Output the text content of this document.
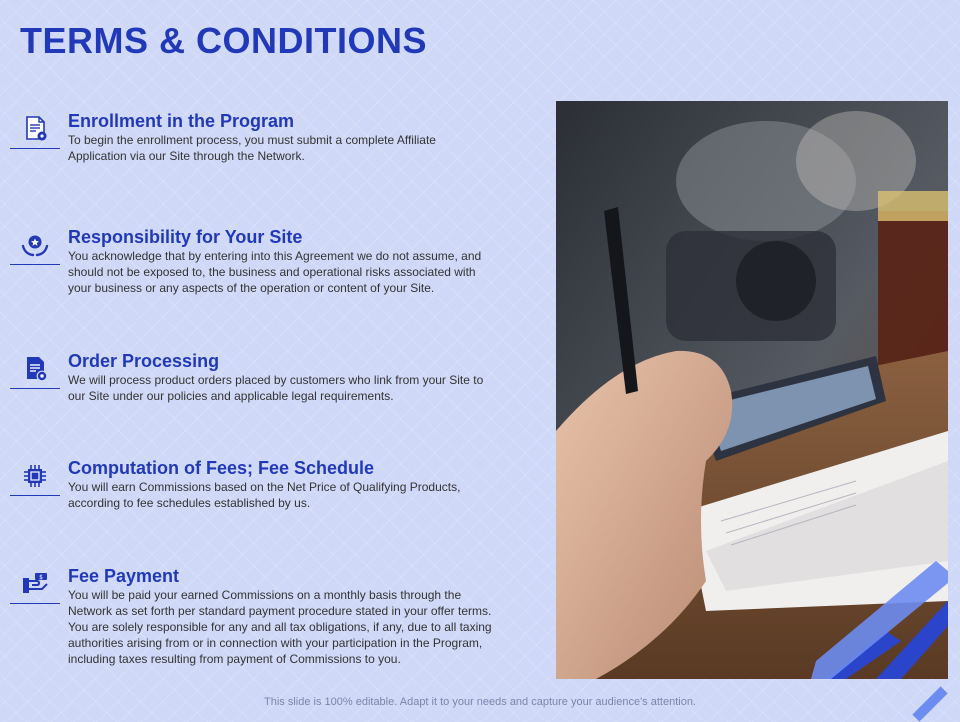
TERMS & CONDITIONS
Enrollment in the Program

To begin the enrollment process, you must submit a complete Affiliate
Application via our Site through the Network.

Responsibility for Your Site

You acknowledge that by entering into this Agreement we do not assume, and
should not be exposed to, the business and operational risks associated with
your business or any aspects of the operation or content of your Site.

Order Processing

We will process product orders placed by customers who link from your Site to
our Site under our policies and applicable legal requirements.

Computation of Fees; Fee Schedule

You will earn Commissions based on the Net Price of Qualifying Products,
according to fee schedules established by us.

$	Fee Payment

You will be paid your earned Commissions on a monthly basis through the
Network as set forth per standard payment procedure stated in your offer terms.
You are solely responsible for any and all tax obligations, if any, due to all taxing
authorities arising from or in connection with your participation in the Program,
including taxes resulting from payment of Commissions to you.

This slide is 100% editable. Adapt it to your needs and capture your audience's attention.
